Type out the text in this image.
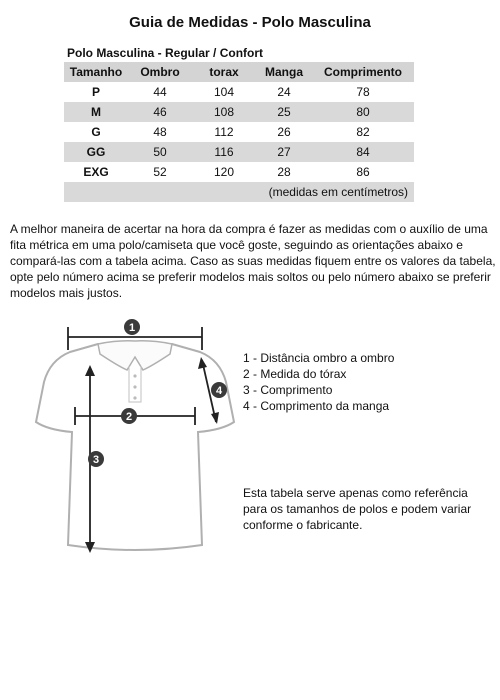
Guia de Medidas - Polo Masculina
Polo Masculina - Regular / Confort
Tamanho	Ombro	torax	Manga	Comprimento
P	44	104	24	78
M	46	108	25	80
G	48	112	26	82
GG	50	116	27	84
EXG	52	120	28	86
(medidas em centímetros)				
A melhor maneira de acertar na hora da compra é fazer as medidas com o auxílio de uma fita métrica em uma polo/camiseta que você goste, seguindo as orientações abaixo e compará-las com a tabela acima. Caso as suas medidas fiquem entre os valores da tabela, opte pelo número acima se preferir modelos mais soltos ou pelo número abaixo se preferir modelos mais justos.
1
2
3
4
1 - Distância ombro a ombro
2 - Medida do tórax
3 - Comprimento
4 - Comprimento da manga
Esta tabela serve apenas como referência para os tamanhos de polos e podem variar conforme o fabricante.
